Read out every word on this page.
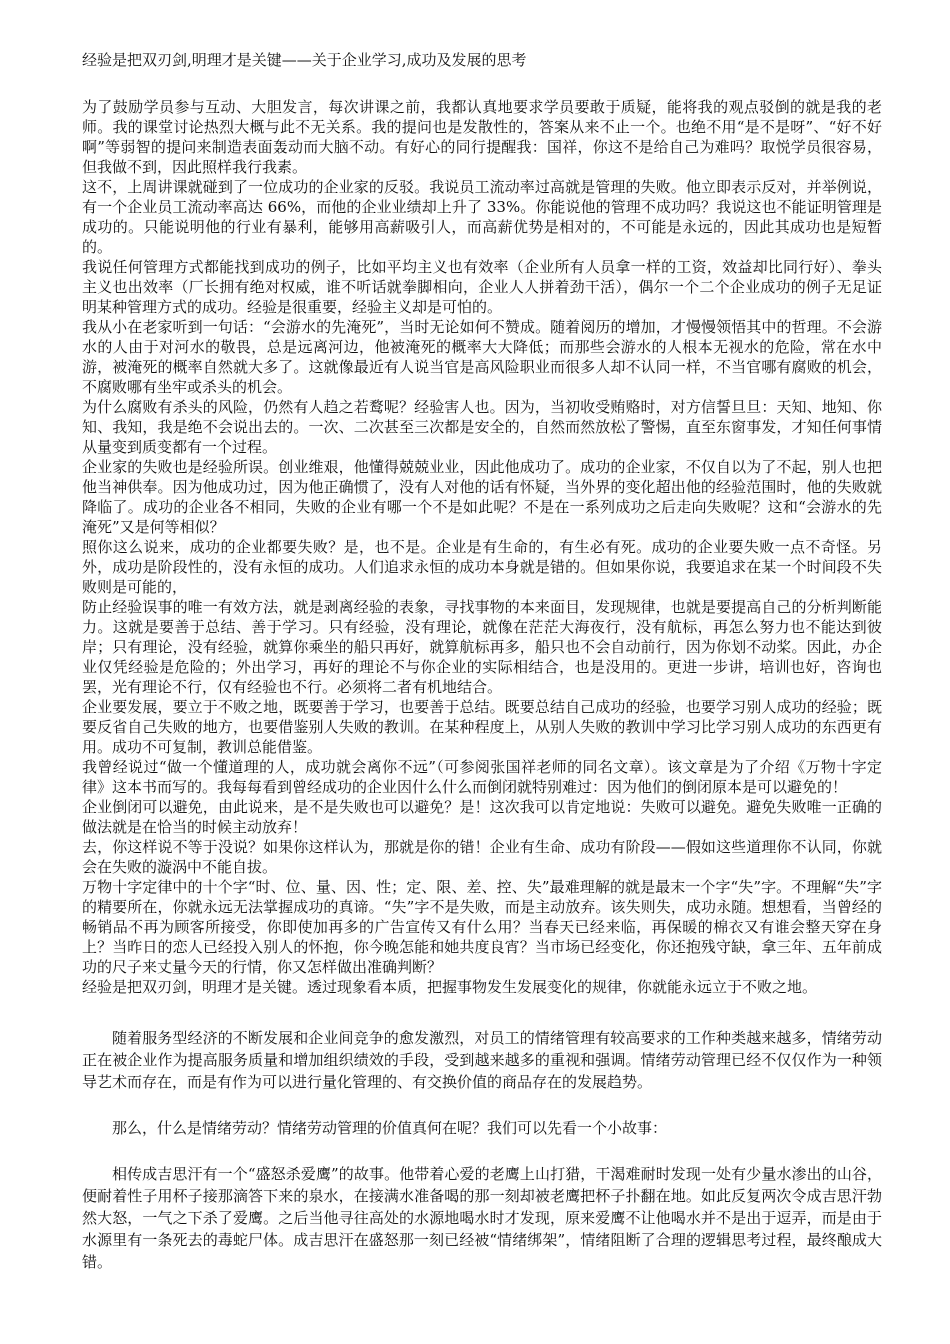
经验是把双刃剑,明理才是关键——关于企业学习,成功及发展的思考

为了鼓励学员参与互动、大胆发言，每次讲课之前，我都认真地要求学员要敢于质疑，能将我的观点驳倒的就是我的老师。我的课堂讨论热烈大概与此不无关系。我的提问也是发散性的，答案从来不止一个。也绝不用“是不是呀”、“好不好啊”等弱智的提问来制造表面轰动而大脑不动。有好心的同行提醒我：国祥，你这不是给自己为难吗？取悦学员很容易，但我做不到，因此照样我行我素。

这不，上周讲课就碰到了一位成功的企业家的反驳。我说员工流动率过高就是管理的失败。他立即表示反对，并举例说，有一个企业员工流动率高达 66%，而他的企业业绩却上升了 33%。你能说他的管理不成功吗？我说这也不能证明管理是成功的。只能说明他的行业有暴利，能够用高薪吸引人，而高薪优势是相对的，不可能是永远的，因此其成功也是短暂的。

我说任何管理方式都能找到成功的例子，比如平均主义也有效率（企业所有人员拿一样的工资，效益却比同行好）、拳头主义也出效率（厂长拥有绝对权威，谁不听话就拳脚相向，企业人人拼着劲干活），偶尔一个二个企业成功的例子无足证明某种管理方式的成功。经验是很重要，经验主义却是可怕的。

我从小在老家听到一句话：“会游水的先淹死”，当时无论如何不赞成。随着阅历的增加，才慢慢领悟其中的哲理。不会游水的人由于对河水的敬畏，总是远离河边，他被淹死的概率大大降低；而那些会游水的人根本无视水的危险，常在水中游，被淹死的概率自然就大多了。这就像最近有人说当官是高风险职业而很多人却不认同一样，不当官哪有腐败的机会，不腐败哪有坐牢或杀头的机会。

为什么腐败有杀头的风险，仍然有人趋之若鹜呢？经验害人也。因为，当初收受贿赂时，对方信誓旦旦：天知、地知、你知、我知，我是绝不会说出去的。一次、二次甚至三次都是安全的，自然而然放松了警惕，直至东窗事发，才知任何事情从量变到质变都有一个过程。

企业家的失败也是经验所误。创业维艰，他懂得兢兢业业，因此他成功了。成功的企业家，不仅自以为了不起，别人也把他当神供奉。因为他成功过，因为他正确惯了，没有人对他的话有怀疑，当外界的变化超出他的经验范围时，他的失败就降临了。成功的企业各不相同，失败的企业有哪一个不是如此呢？不是在一系列成功之后走向失败呢？这和“会游水的先淹死”又是何等相似？

照你这么说来，成功的企业都要失败？是，也不是。企业是有生命的，有生必有死。成功的企业要失败一点不奇怪。另外，成功是阶段性的，没有永恒的成功。人们追求永恒的成功本身就是错的。但如果你说，我要追求在某一个时间段不失败则是可能的，

防止经验误事的唯一有效方法，就是剥离经验的表象，寻找事物的本来面目，发现规律，也就是要提高自己的分析判断能力。这就是要善于总结、善于学习。只有经验，没有理论，就像在茫茫大海夜行，没有航标，再怎么努力也不能达到彼岸；只有理论，没有经验，就算你乘坐的船只再好，就算航标再多，船只也不会自动前行，因为你划不动桨。因此，办企业仅凭经验是危险的；外出学习，再好的理论不与你企业的实际相结合，也是没用的。更进一步讲，培训也好，咨询也罢，光有理论不行，仅有经验也不行。必须将二者有机地结合。

企业要发展，要立于不败之地，既要善于学习，也要善于总结。既要总结自己成功的经验，也要学习别人成功的经验；既要反省自己失败的地方，也要借鉴别人失败的教训。在某种程度上，从别人失败的教训中学习比学习别人成功的东西更有用。成功不可复制，教训总能借鉴。

我曾经说过“做一个懂道理的人，成功就会离你不远”（可参阅张国祥老师的同名文章）。该文章是为了介绍《万物十字定律》这本书而写的。我每每看到曾经成功的企业因什么什么而倒闭就特别难过：因为他们的倒闭原本是可以避免的！

企业倒闭可以避免，由此说来，是不是失败也可以避免？是！这次我可以肯定地说：失败可以避免。避免失败唯一正确的做法就是在恰当的时候主动放弃！

去，你这样说不等于没说？如果你这样认为，那就是你的错！企业有生命、成功有阶段——假如这些道理你不认同，你就会在失败的漩涡中不能自拔。

万物十字定律中的十个字“时、位、量、因、性；定、限、差、控、失”最难理解的就是最末一个字“失”字。不理解“失”字的精要所在，你就永远无法掌握成功的真谛。“失”字不是失败，而是主动放弃。该失则失，成功永随。想想看，当曾经的畅销品不再为顾客所接受，你即使加再多的广告宣传又有什么用？当春天已经来临，再保暖的棉衣又有谁会整天穿在身上？当昨日的恋人已经投入别人的怀抱，你今晚怎能和她共度良宵？当市场已经变化，你还抱残守缺，拿三年、五年前成功的尺子来丈量今天的行情，你又怎样做出准确判断？

经验是把双刃剑，明理才是关键。透过现象看本质，把握事物发生发展变化的规律，你就能永远立于不败之地。

随着服务型经济的不断发展和企业间竞争的愈发激烈，对员工的情绪管理有较高要求的工作种类越来越多，情绪劳动正在被企业作为提高服务质量和增加组织绩效的手段，受到越来越多的重视和强调。情绪劳动管理已经不仅仅作为一种领导艺术而存在，而是有作为可以进行量化管理的、有交换价值的商品存在的发展趋势。

那么，什么是情绪劳动？情绪劳动管理的价值真何在呢？我们可以先看一个小故事：

相传成吉思汗有一个“盛怒杀爱鹰”的故事。他带着心爱的老鹰上山打猎，干渴难耐时发现一处有少量水渗出的山谷，便耐着性子用杯子接那滴答下来的泉水，在接满水准备喝的那一刻却被老鹰把杯子扑翻在地。如此反复两次令成吉思汗勃然大怒，一气之下杀了爱鹰。之后当他寻往高处的水源地喝水时才发现，原来爱鹰不让他喝水并不是出于逗弄，而是由于水源里有一条死去的毒蛇尸体。成吉思汗在盛怒那一刻已经被“情绪绑架”，情绪阻断了合理的逻辑思考过程，最终酿成大错。
